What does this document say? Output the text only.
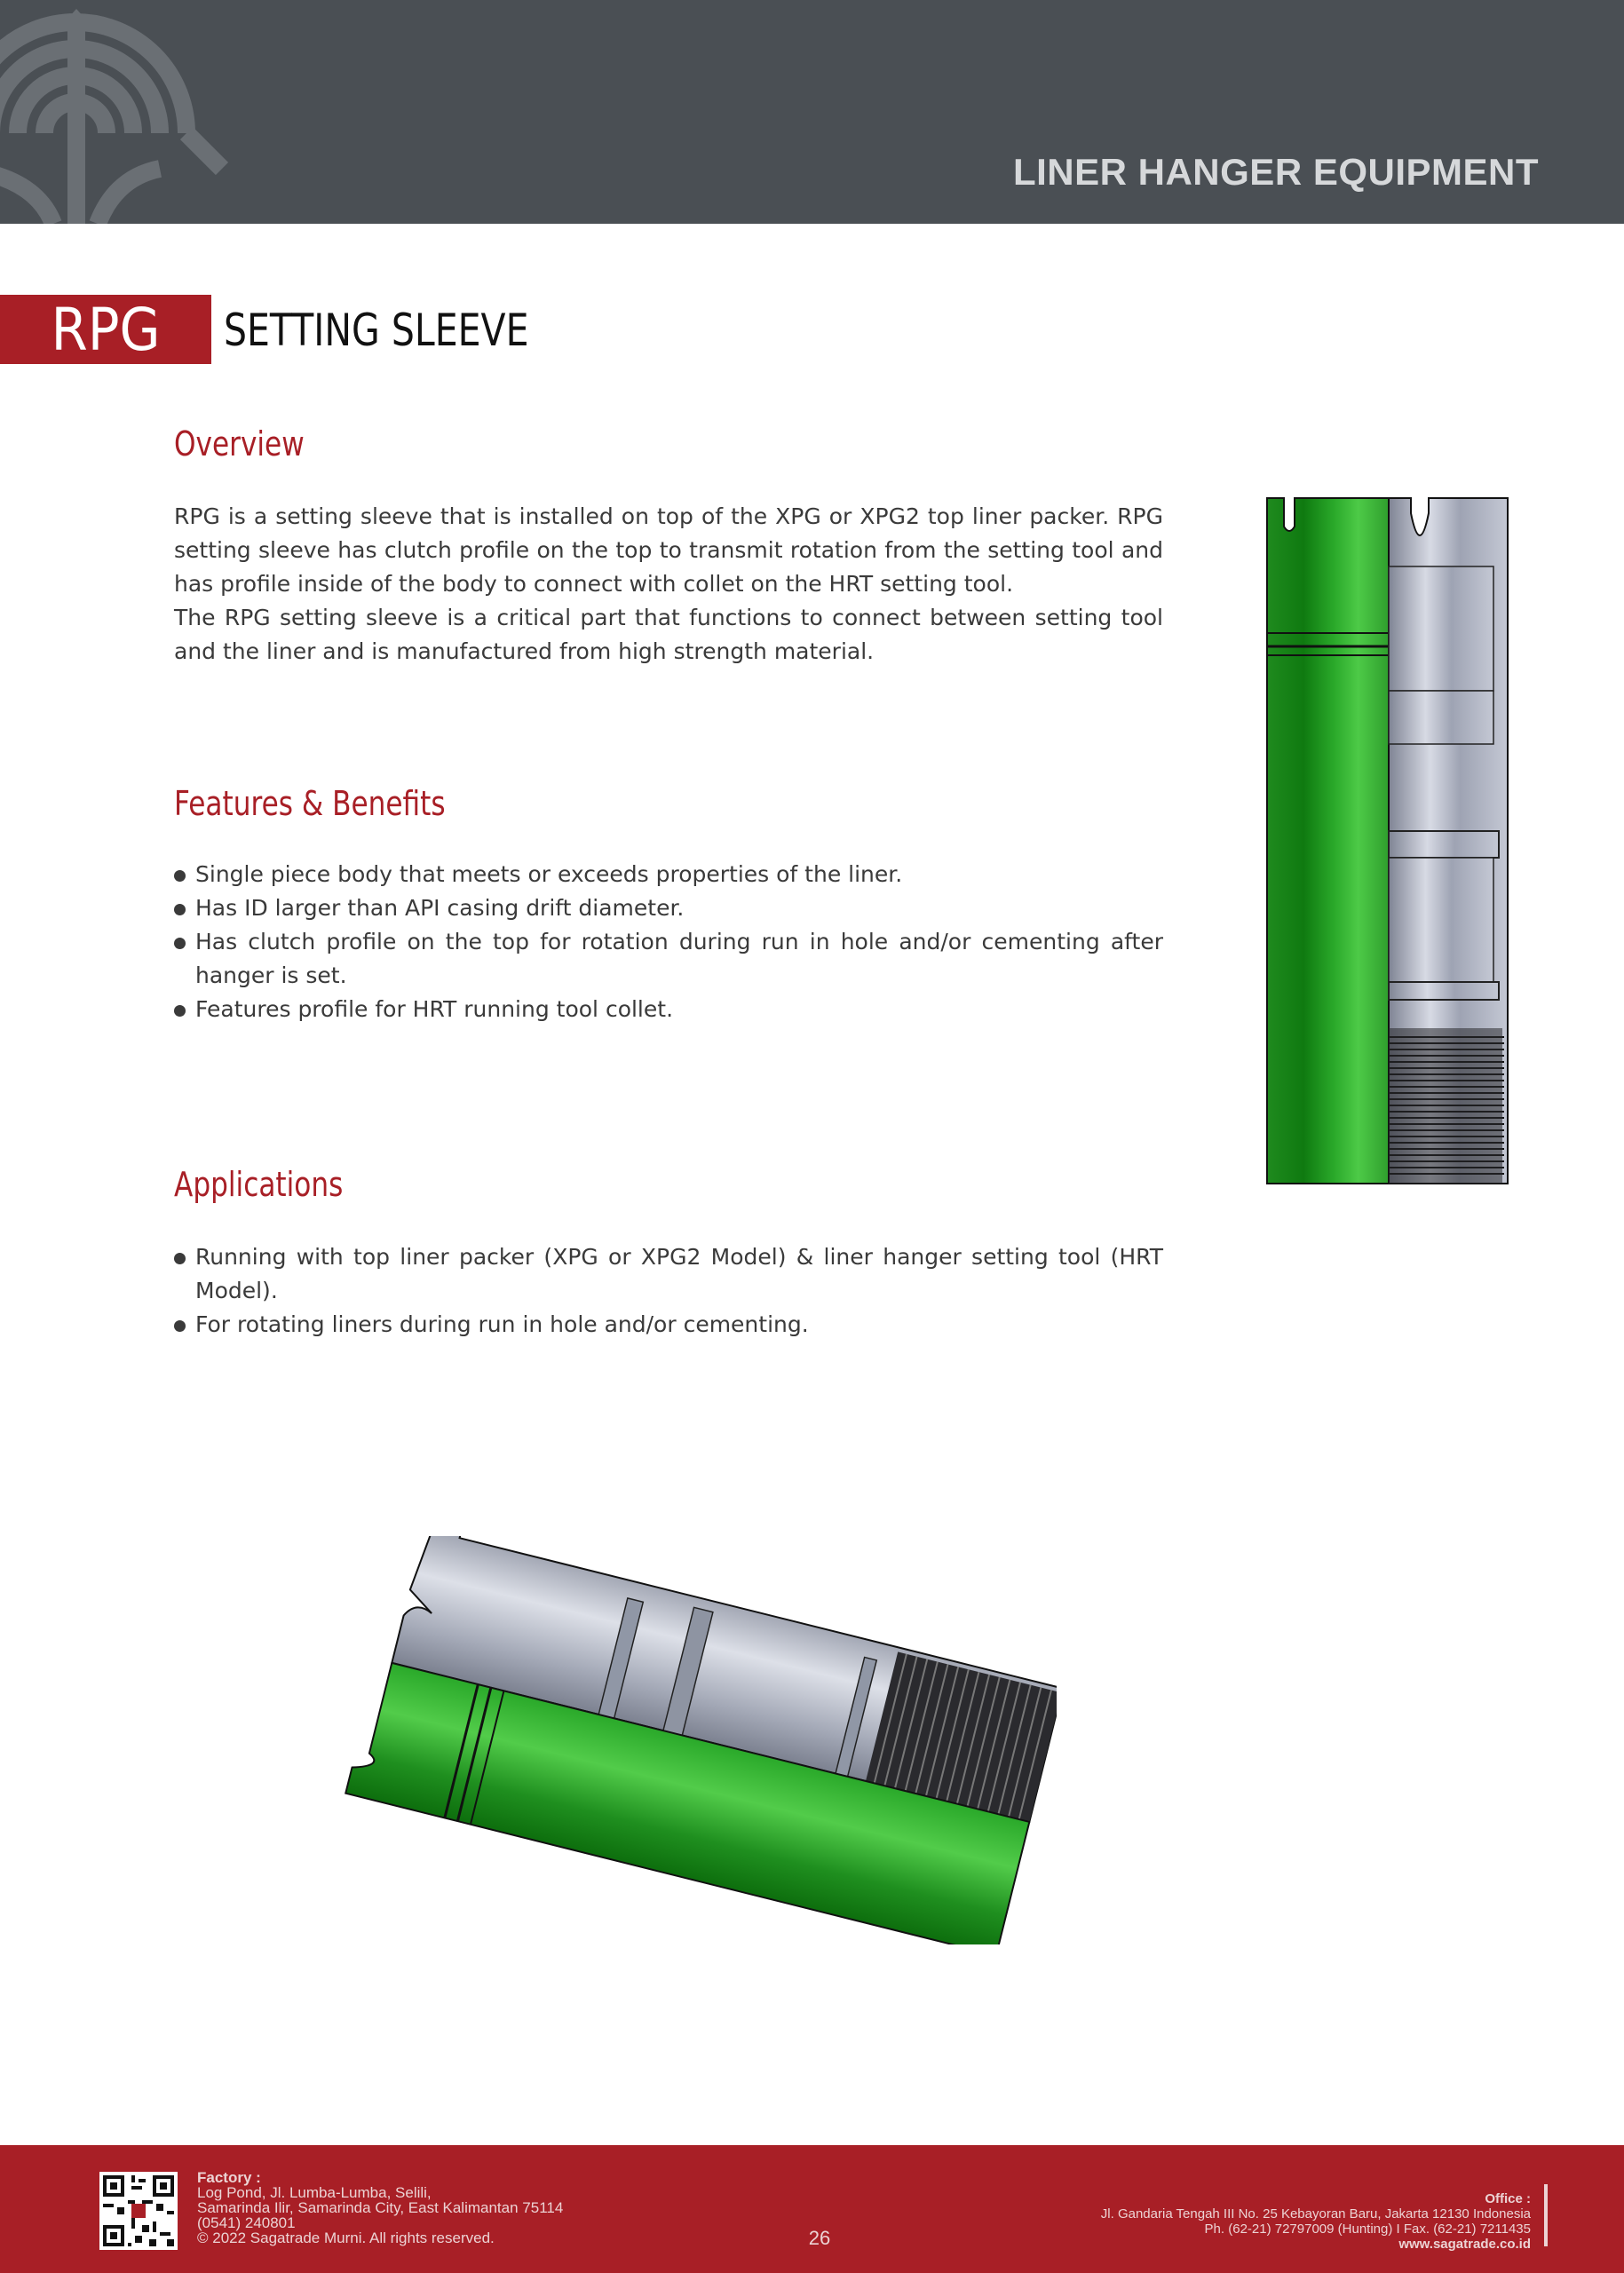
LINER HANGER EQUIPMENT
RPG	SETTING SLEEVE
Overview

RPG is a setting sleeve that is installed on top of the XPG or XPG2 top liner packer. RPG setting sleeve has clutch profile on the top to transmit rotation from the setting tool and has profile inside of the body to connect with collet on the HRT setting tool.

The RPG setting sleeve is a critical part that functions to connect between setting tool and the liner and is manufactured from high strength material.

Features & Benefits
Single piece body that meets or exceeds properties of the liner.
Has ID larger than API casing drift diameter.
Has clutch profile on the top for rotation during run in hole and/or cementing after hanger is set.
Features profile for HRT running tool collet.
Applications
Running with top liner packer (XPG or XPG2 Model) & liner hanger setting tool (HRT Model).
For rotating liners during run in hole and/or cementing.
Factory :
Log Pond, Jl. Lumba-Lumba, Selili,
Samarinda Ilir, Samarinda City, East Kalimantan 75114
(0541) 240801
© 2022 Sagatrade Murni. All rights reserved.	26
Office :
Jl. Gandaria Tengah III No. 25 Kebayoran Baru, Jakarta 12130 Indonesia
Ph. (62-21) 72797009 (Hunting) I Fax. (62-21) 7211435
www.sagatrade.co.id
